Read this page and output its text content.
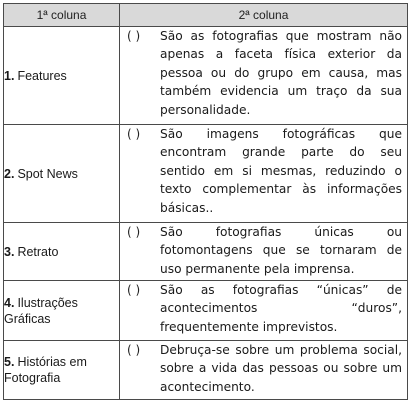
1ª coluna	2ª coluna
1. Features	( ) São as fotografias que mostram não apenas a faceta física exterior da pessoa ou do grupo em causa, mas também evidencia um traço da sua personalidade.

2. Spot News	( ) São imagens fotográficas que encontram grande parte do seu sentido em si mesmas, reduzindo o texto complementar às informações básicas..

3. Retrato	( ) São fotografias únicas ou fotomontagens que se tornaram de uso permanente pela imprensa.

4. Ilustrações Gráficas	( ) São as fotografias “únicas” de acontecimentos “duros”, frequentemente imprevistos.

5. Histórias em Fotografia	( ) Debruça-se sobre um problema social, sobre a vida das pessoas ou sobre um acontecimento.
